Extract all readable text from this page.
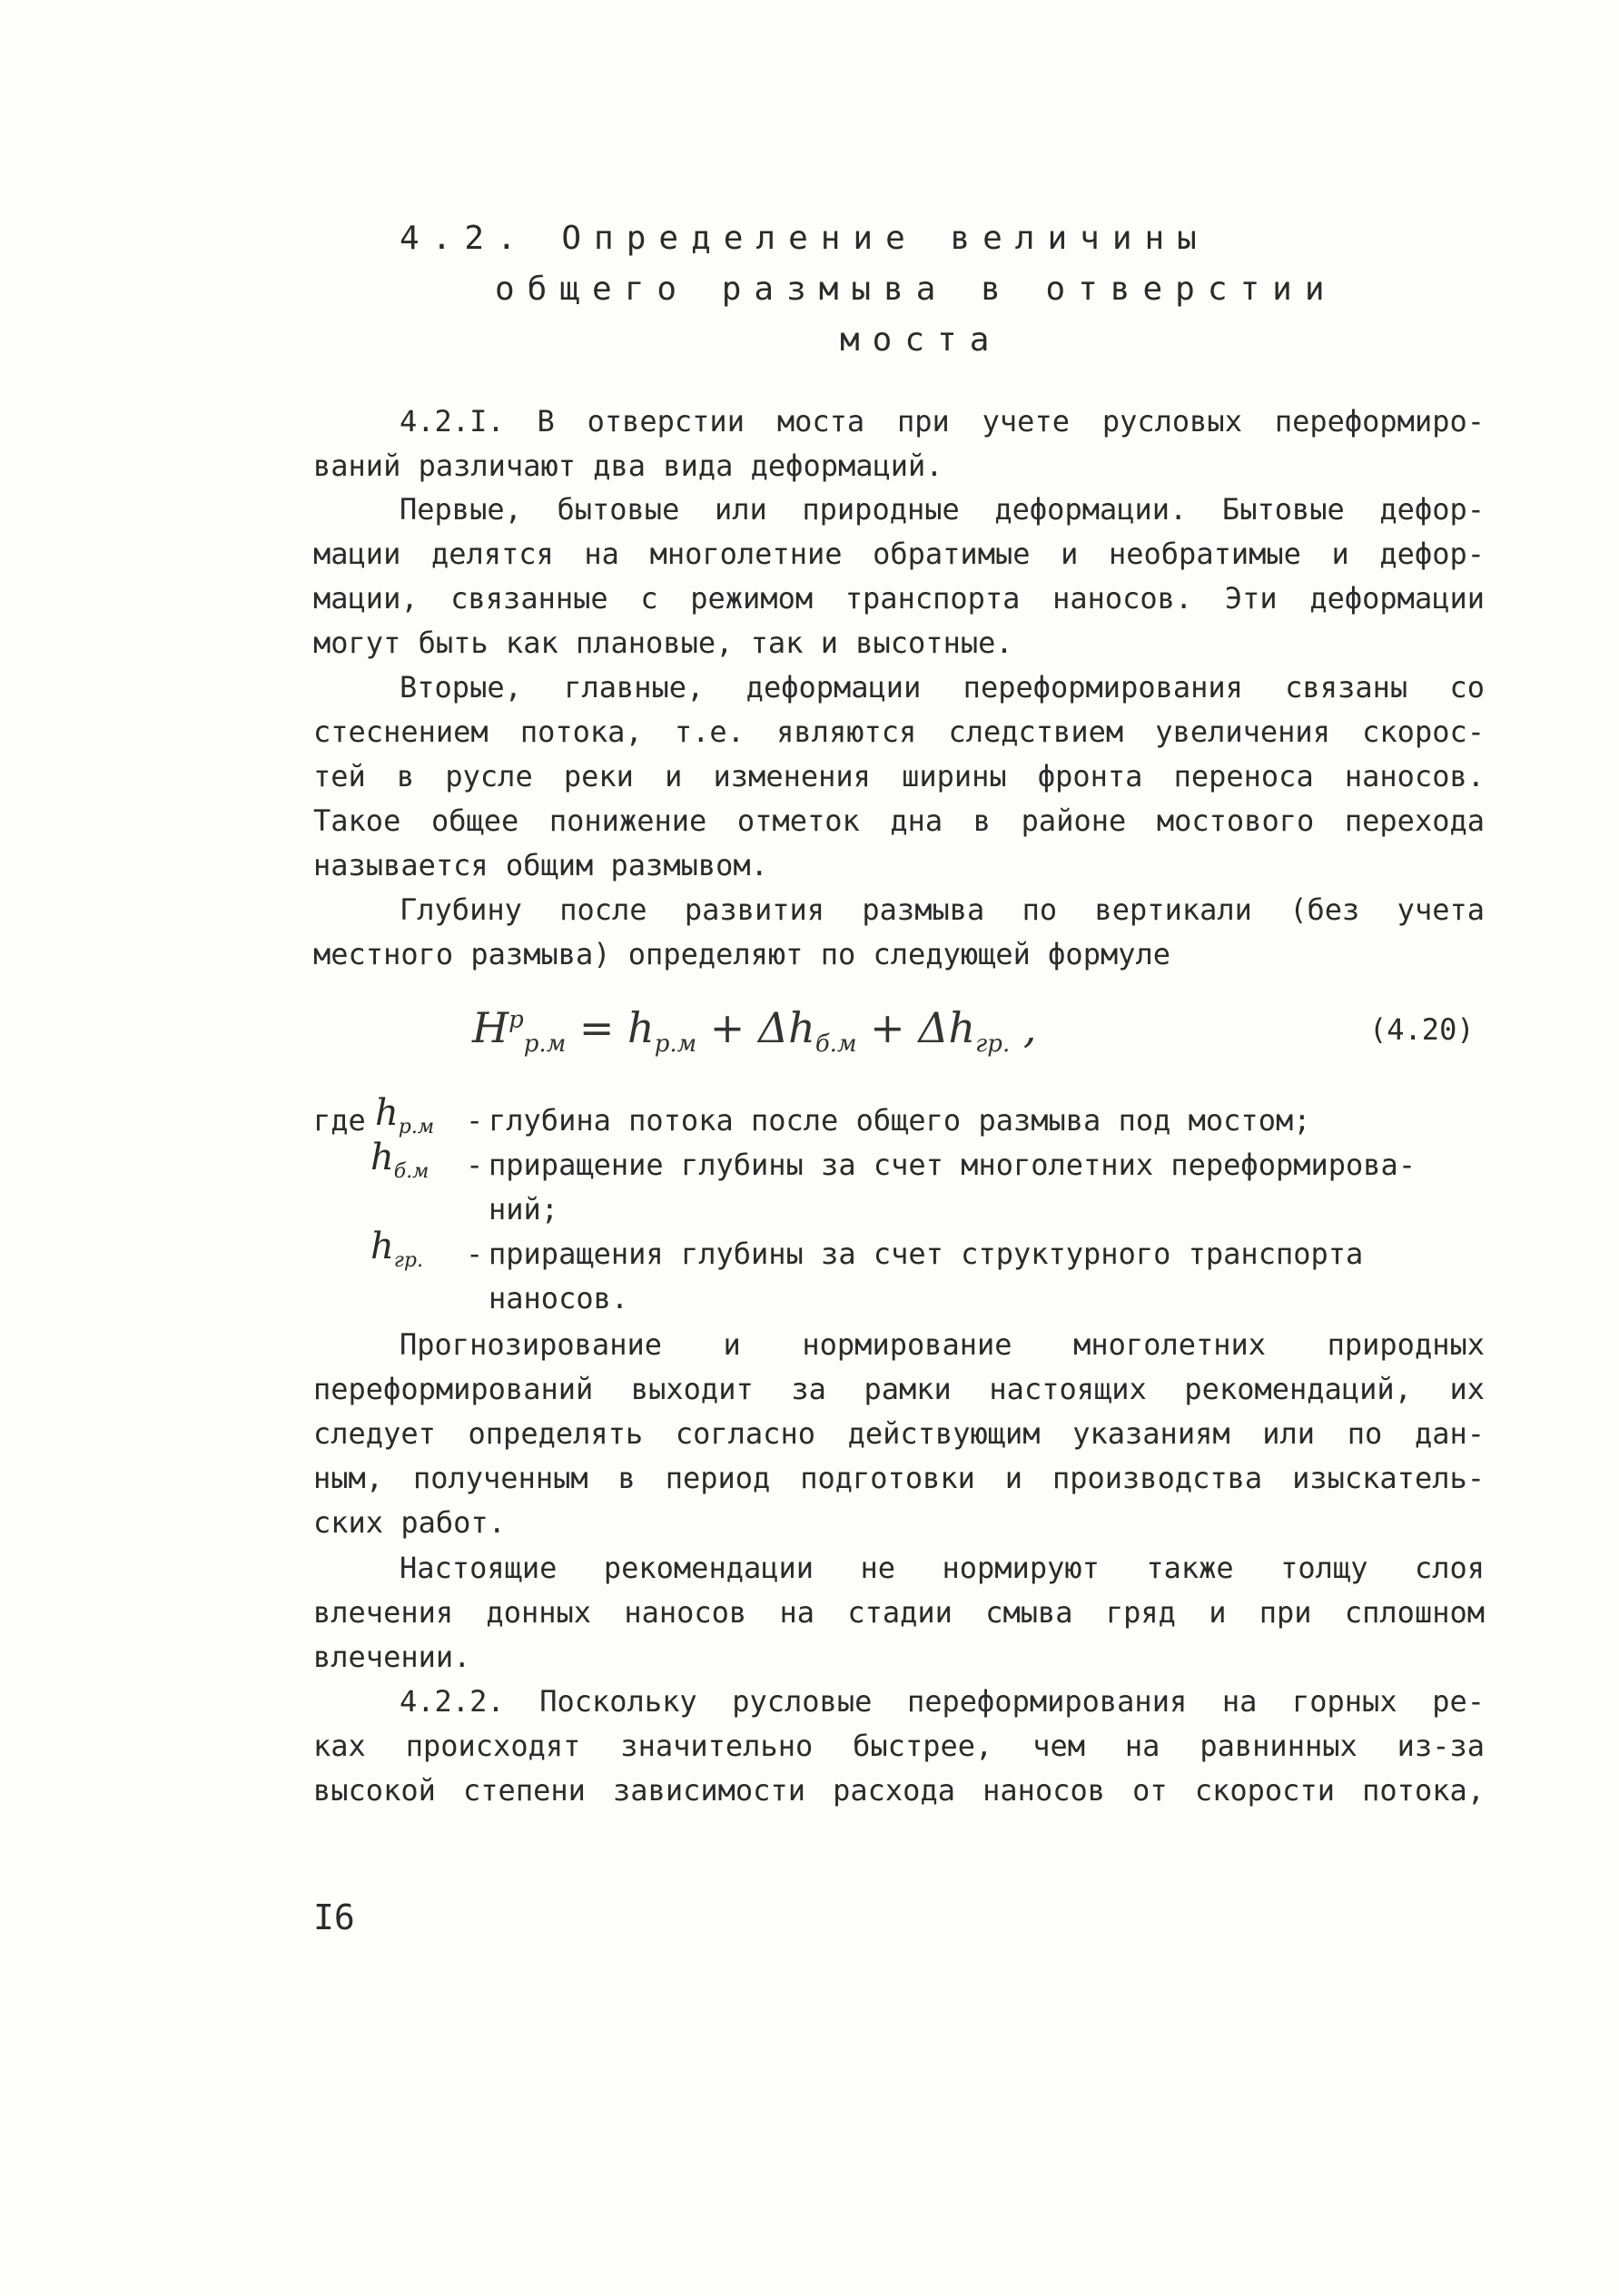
4.2. Определение величины
общего размыва в отверстии
моста
4.2.I. В отверстии моста при учете русловых переформиро-
ваний различают два вида деформаций.
Первые, бытовые или природные деформации. Бытовые дефор-
мации делятся на многолетние обратимые и необратимые и дефор-
мации, связанные с режимом транспорта наносов. Эти деформации
могут быть как плановые, так и высотные.
Вторые, главные, деформации переформирования связаны со
стеснением потока, т.е. являются следствием увеличения скорос-
тей в русле реки и изменения ширины фронта переноса наносов.
Такое общее понижение отметок дна в районе мостового перехода
называется общим размывом.
Глубину после развития размыва по вертикали (без учета
местного размыва) определяют по следующей формуле
$H^p_{р.м} = h_{р.м} + \Delta h_{б.м} + \Delta h_{гр.}$ ,	(4.20)
где $h_{р.м}$ - глубина потока после общего размыва под мостом;
$h_{б.м}$ - приращение глубины за счет многолетних переформирова-
ний;
$h_{гр.}$ - приращения глубины за счет структурного транспорта
наносов.
Прогнозирование и нормирование многолетних природных
переформирований выходит за рамки настоящих рекомендаций, их
следует определять согласно действующим указаниям или по дан-
ным, полученным в период подготовки и производства изыскатель-
ских работ.
Настоящие рекомендации не нормируют также толщу слоя
влечения донных наносов на стадии смыва гряд и при сплошном
влечении.
4.2.2. Поскольку русловые переформирования на горных ре-
ках происходят значительно быстрее, чем на равнинных из-за
высокой степени зависимости расхода наносов от скорости потока,
I6
